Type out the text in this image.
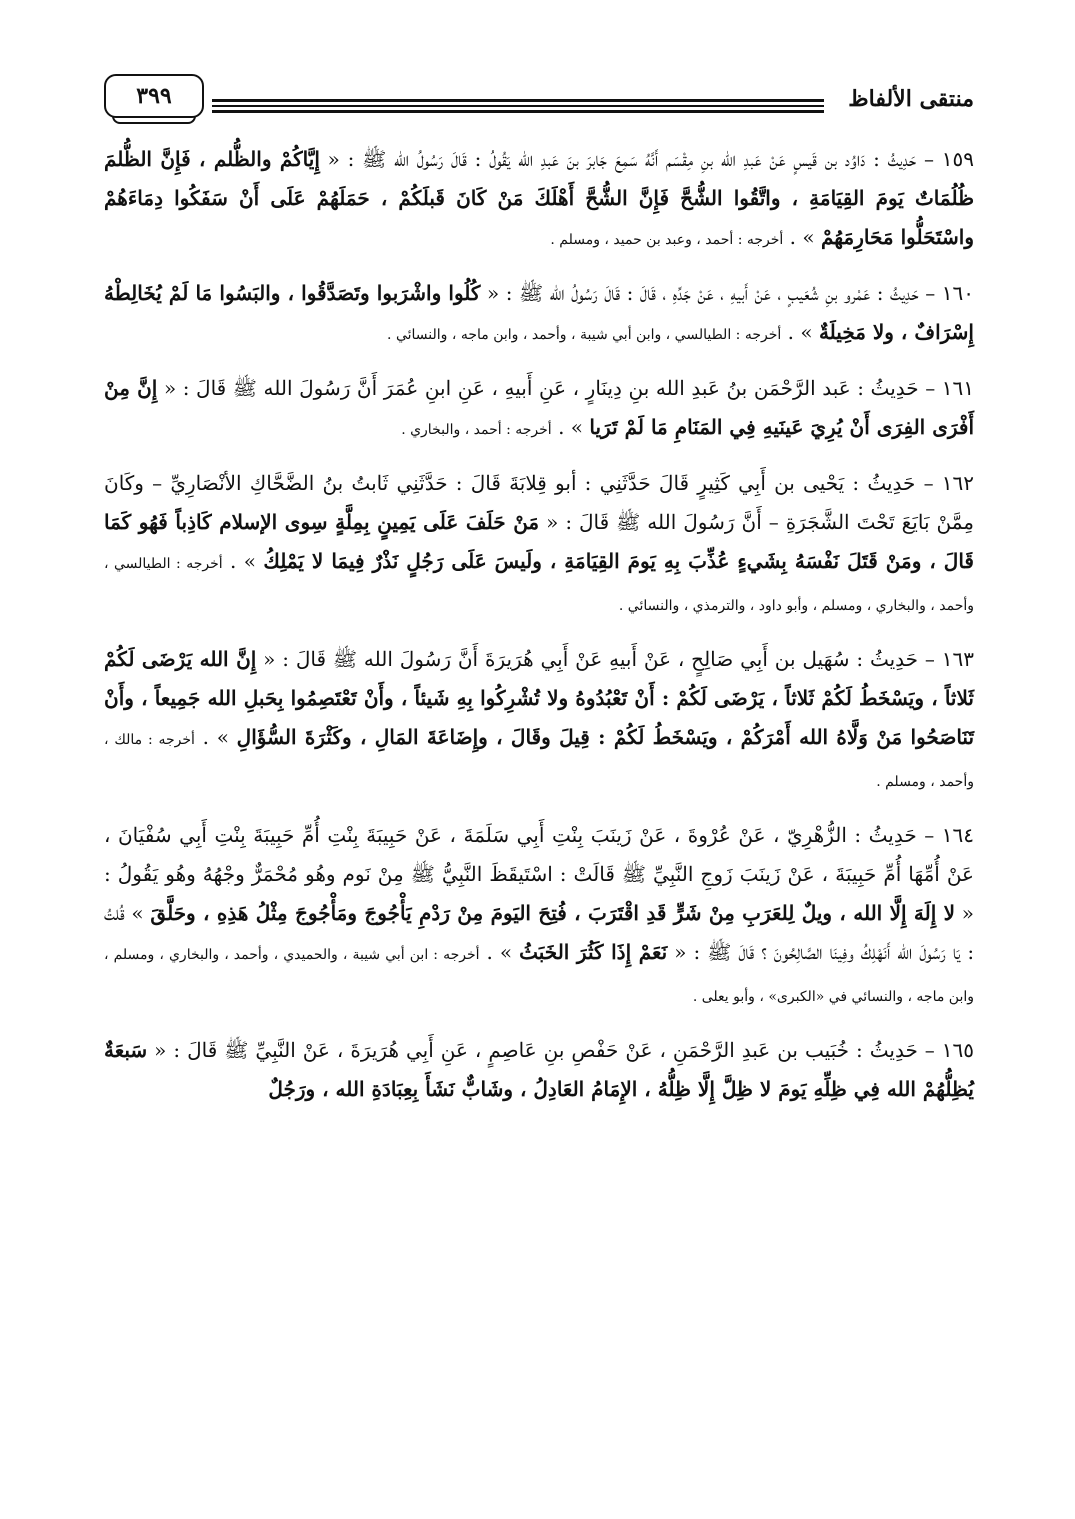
منتقى الألفاظ
٣٩٩

١٥٩ – حَدِيثُ : دَاوُد بن قَيسٍ عَنْ عَبدِ الله بنِ مِقْسَم أَنَّهُ سَمِعَ جَابرَ بنَ عَبدِ الله يَقُولُ : قَالَ رَسُولُ الله ﷺ : « إِيَّاكُمْ والظُّلم ، فَإِنَّ الظُّلمَ ظُلُمَاتٌ يَومَ القِيَامَةِ ، واتَّقُوا الشُّحَّ فَإِنَّ الشُّحَّ أَهْلَكَ مَنْ كَانَ قَبلَكُمْ ، حَمَلَهُمْ عَلَى أَنْ سَفَكُوا دِمَاءَهُمْ واسْتَحَلُّوا مَحَارِمَهُمْ » . أخرجه : أحمد ، وعبد بن حميد ، ومسلم .

١٦٠ – حَدِيثُ : عَمْرو بنِ شُعَيبٍ ، عَنْ أَبيهِ ، عَنْ جَدِّهِ ، قَالَ : قَالَ رَسُولُ الله ﷺ : « كُلُوا واشْرَبوا وتَصَدَّقُوا ، والبَسُوا مَا لَمْ يُخَالِطْهُ إِسْرَافٌ ، ولا مَخِيلَةٌ » . أخرجه : الطيالسي ، وابن أبي شيبة ، وأحمد ، وابن ماجه ، والنسائي .

١٦١ – حَدِيثُ : عَبد الرَّحْمَن بنُ عَبدِ الله بنِ دِينَارٍ ، عَنِ أَبيهِ ، عَنِ ابنِ عُمَرَ أَنَّ رَسُولَ الله ﷺ قَالَ : « إِنَّ مِنْ أَفْرَى الفِرَى أَنْ يُرِيَ عَينَيهِ فِي المَنَامِ مَا لَمْ تَرَيا » . أخرجه : أحمد ، والبخاري .

١٦٢ – حَدِيثُ : يَحْيى بن أَبِي كَثِيرٍ قَالَ حَدَّثَنِي : أبو قِلابَةَ قَالَ : حَدَّثَنِي ثَابتُ بنُ الضَّحَّاكِ الأنْصَارِيِّ – وكَانَ مِمَّنْ بَايَعَ تَحْتَ الشَّجَرَةِ – أَنَّ رَسُولَ الله ﷺ قَالَ : « مَنْ حَلَفَ عَلَى يَمِينٍ بِمِلَّةٍ سِوى الإسلام كَاذِباً فَهُو كَمَا قَالَ ، ومَنْ قَتَلَ نَفْسَهُ بِشَيءٍ عُذِّبَ بِهِ يَومَ القِيَامَةِ ، ولَيسَ عَلَى رَجُلٍ نَذْرٌ فِيمَا لا يَمْلِكُ » . أخرجه : الطيالسي ، وأحمد ، والبخاري ، ومسلم ، وأبو داود ، والترمذي ، والنسائي .

١٦٣ – حَدِيثُ : سُهَيل بن أَبِي صَالِحٍ ، عَنْ أَبيهِ عَنْ أَبِي هُرَيرَةَ أَنَّ رَسُولَ الله ﷺ قَالَ : « إِنَّ الله يَرْضَى لَكُمْ ثَلاثاً ، ويَسْخَطُ لَكُمْ ثَلاثاً ، يَرْضَى لَكُمْ : أَنْ تَعْبُدُوهُ ولا تُشْرِكُوا بِهِ شَيئاً ، وأَنْ تَعْتَصِمُوا بِحَبلِ الله جَمِيعاً ، وأَنْ تَنَاصَحُوا مَنْ وَلَّاهُ الله أَمْرَكُمْ ، ويَسْخَطُ لَكُمْ : قِيلَ وقَالَ ، وإِضَاعَةَ المَالِ ، وكَثْرَةَ السُّؤَالِ » . أخرجه : مالك ، وأحمد ، ومسلم .

١٦٤ – حَدِيثُ : الزُّهْرِيّ ، عَنْ عُرْوةَ ، عَنْ زَينَبَ بِنْتِ أَبِي سَلَمَةَ ، عَنْ حَبِيبَةَ بِنْتِ أُمِّ حَبِيبَةَ بِنْتِ أَبِي سُفْيَانَ ، عَنْ أُمِّهَا أُمِّ حَبِيبَةَ ، عَنْ زَينَبَ زَوجِ النَّبِيِّ ﷺ قَالَتْ : اسْتَيقَظَ النَّبِيُّ ﷺ مِنْ نَوم وهُو مُحْمَرٌّ وجْهُهُ وهُو يَقُولُ : « لا إِلَهَ إِلَّا الله ، ويلٌ لِلعَرَبِ مِنْ شَرٍّ قَدِ اقْتَرَبَ ، فُتِحَ اليَومَ مِنْ رَدْمِ يَأْجُوجَ ومَأْجُوجَ مِثْلُ هَذِهِ ، وحَلَّقَ » قُلتُ : يَا رَسُولَ الله أَنَهْلِكُ وفِينَا الصَّالِحُونَ ؟ قَالَ ﷺ : « نَعَمْ إِذَا كَثُرَ الخَبَثُ » . أخرجه : ابن أبي شيبة ، والحميدي ، وأحمد ، والبخاري ، ومسلم ، وابن ماجه ، والنسائي في «الكبرى» ، وأبو يعلى .

١٦٥ – حَدِيثُ : خُبَيب بن عَبدِ الرَّحْمَنِ ، عَنْ حَفْصِ بنِ عَاصِمٍ ، عَنِ أَبِي هُرَيرَةَ ، عَنْ النَّبِيِّ ﷺ قَالَ : « سَبعَةٌ يُظِلُّهُمْ الله فِي ظِلِّهِ يَومَ لا ظِلَّ إِلَّا ظِلُّهُ ، الإِمَامُ العَادِلُ ، وشَابٌّ نَشَأَ بِعِبَادَةِ الله ، ورَجُلٌ
